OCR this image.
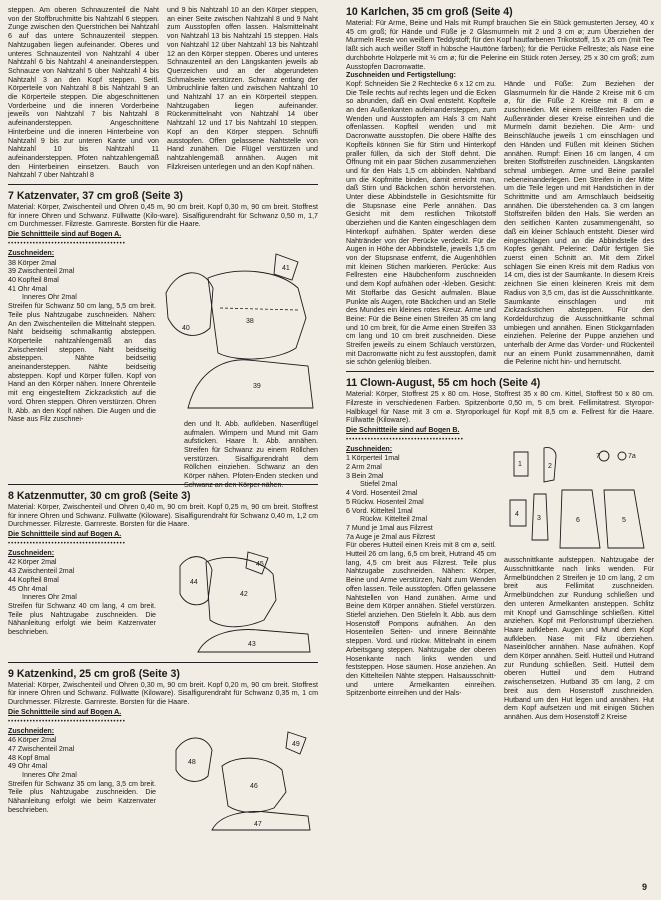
steppen. Am oberen Schnauzenteil die Naht von der Stoffbruchmitte bis Nahtzahl 6 steppen. Zunge zwischen den Querstrichen bei Nahtzahl 6 auf das untere Schnauzenteil steppen. Nahtzugaben liegen aufeinander. Oberes und unteres Schnauzenteil von Nahtzahl 4 über Nahtzahl 6 bis Nahtzahl 4 aneinandersteppen. Schnauze von Nahtzahl 5 über Nahtzahl 4 bis Nahtzahl 3 an den Kopf steppen. Seitl. Körperteile von Nahtzahl 8 bis Nahtzahl 9 an die Körperteile steppen. Die abgeschnittenen Vorderbeine und die inneren Vorderbeine jeweils von Nahtzahl 7 bis Nahtzahl 8 aufeinandersteppen. Angeschnittene Hinterbeine und die inneren Hinterbeine von Nahtzahl 9 bis zur unteren Kante und von Nahtzahl 10 bis Nahtzahl 11 aufeinandersteppen. Pfoten nahtzahlengemäß den Hinterbeinen einsetzen. Bauch von Nahtzahl 7 über Nahtzahl 8

und 9 bis Nahtzahl 10 an den Körper steppen, an einer Seite zwischen Nahtzahl 8 und 9 Naht zum Ausstopfen offen lassen. Halsmittelnaht von Nahtzahl 13 bis Nahtzahl 15 steppen. Hals von Nahtzahl 12 über Nahtzahl 13 bis Nahtzahl 12 an den Körper steppen. Oberes und unteres Schnauzenteil an den Längskanten jeweils ab Querzeichen und an der abgerundeten Schmalseite verstürzen. Schwanz entlang der Umbruchlinie falten und zwischen Nahtzahl 10 und Nahtzahl 17 an ein Körperteil steppen. Nahtzugaben liegen aufeinander. Rückenmittelnaht von Nahtzahl 14 über Nahtzahl 12 und 17 bis Nahtzahl 10 steppen. Kopf an den Körper steppen. Schnüffi ausstopfen. Offen gelassene Nahtstelle von Hand zunähen. Die Flügel verstürzen und nahtzahlengemäß annähen. Augen mit Filzkreisen unterlegen und an den Kopf nähen.

7 Katzenvater, 37 cm groß (Seite 3)

Material: Körper, Zwischenteil und Ohren 0,45 m, 90 cm breit. Kopf 0,30 m, 90 cm breit. Stoffrest für innere Ohren und Schwanz. Füllwatte (Kilo-ware). Sisalfigurendraht für Schwanz 0,50 m, 1,7 cm Durchmesser. Filzreste. Garnreste. Borsten für die Haare.

Die Schnittteile sind auf Bogen A.
••••••••••••••••••••••••••••••••••••••
Zuschneiden:
38 Körper 2mal
39 Zwischenteil 2mal
40 Kopfteil 8mal
41 Ohr 4mal
Inneres Ohr 2mal

Streifen für Schwanz 50 cm lang, 5,5 cm breit. Teile plus Nahtzugabe zuschneiden. Nähen: An den Zwischenteilen die Mittelnaht steppen. Naht beidseitig schmalkantig absteppen. Körperteile nahtzahlengemäß an das Zwischenteil steppen. Naht beidseitig absteppen. Nähte beidseitig aneinandersteppen. Nähte beidseitig absteppen. Kopf und Körper füllen. Kopf von Hand an den Körper nähen. Innere Ohrenteile mit eng eingestelltem Zickzackstich auf die vord. Ohren steppen. Ohren verstürzen. Ohren lt. Abb. an den Kopf nähen. Die Augen und die Nase aus Filz zuschnei-

41
38
40
39

den und lt. Abb. aufkleben. Nasenflügel aufmalen. Wimpern und Mund mit Garn aufsticken. Haare lt. Abb. annähen. Streifen für Schwanz zu einem Röllchen verstürzen. Sisalfigurendraht dem Röllchen einziehen. Schwanz an den Körper nähen. Pfoten-Enden stecken und Schwanz an den Körper nähen.

8 Katzenmutter, 30 cm groß (Seite 3)

Material: Körper, Zwischenteil und Ohren 0,40 m, 90 cm breit. Kopf 0,25 m, 90 cm breit. Stoffrest für innere Ohren und Schwanz. Füllwatte (Kiloware). Sisalfigurendraht für Schwanz 0,40 m, 1,2 cm Durchmesser. Filzreste. Garnreste. Borsten für die Haare.

Die Schnittteile sind auf Bogen A.
••••••••••••••••••••••••••••••••••••••
Zuschneiden:
42 Körper 2mal
43 Zwischenteil 2mal
44 Kopfteil 8mal
45 Ohr 4mal
Inneres Ohr 2mal

Streifen für Schwanz 40 cm lang, 4 cm breit. Teile plus Nahtzugabe zuschneiden. Die Nähanleitung erfolgt wie beim Katzenvater beschrieben.

45
42
44
43
9 Katzenkind, 25 cm groß (Seite 3)

Material: Körper, Zwischenteil und Ohren 0,30 m, 90 cm breit. Kopf 0,20 m, 90 cm breit. Stoffrest für innere Ohren und Schwanz. Füllwatte (Kiloware). Sisalfigurendraht für Schwanz 0,35 m, 1 cm Durchmesser. Filzreste. Garnreste. Borsten für die Haare.

Die Schnittteile sind auf Bogen A.
••••••••••••••••••••••••••••••••••••••
Zuschneiden:
46 Körper 2mal
47 Zwischenteil 2mal
48 Kopf 8mal
49 Ohr 4mal
Inneres Ohr 2mal

Streifen für Schwanz 35 cm lang, 3,5 cm breit. Teile plus Nahtzugabe zuschneiden. Die Nähanleitung erfolgt wie beim Katzenvater beschrieben.

48
49
46
47
10 Karlchen, 35 cm groß (Seite 4)

Material: Für Arme, Beine und Hals mit Rumpf brauchen Sie ein Stück gemusterten Jersey, 40 x 45 cm groß; für Hände und Füße je 2 Glasmurmeln mit 2 und 3 cm ø; zum Überziehen der Murmeln Reste von weißem Teddystoff; für den Kopf hautfarbenen Trikotstoff, 15 x 25 cm (mit Tee läßt sich auch weißer Stoff in hübsche Hauttöne färben); für die Perücke Fellreste; als Nase eine durchbohrte Holzperle mit ½ cm ø; für die Pelerine ein Stück roten Jersey, 25 x 30 cm groß; zum Ausstopfen Dacronwatte.

Zuschneiden und Fertigstellung:

Kopf: Schneiden Sie 2 Rechtecke 6 x 12 cm zu. Die Teile rechts auf rechts legen und die Ecken so abrunden, daß ein Oval entsteht. Kopfteile an den Außenkanten aufeinandersteppen, zum Wenden und Ausstopfen am Hals 3 cm Naht offenlassen. Kopfteil wenden und mit Dacronwatte ausstopfen. Die obere Hälfte des Kopfteils können Sie für Stirn und Hinterkopf praller füllen, da sich der Stoff dehnt. Die Öffnung mit ein paar Stichen zusammenziehen und für den Hals 1,5 cm abbinden. Nahtband um die Kopfmitte binden, damit erreicht man, daß Stirn und Bäckchen schön hervorstehen. Unter diese Abbindstelle in Gesichtsmitte für die Stupsnase eine Perle annähen. Das Gesicht mit dem restlichen Trikotstoff überziehen und die Kanten eingeschlagen dem Hinterkopf aufnähen. Später werden diese Nahtränder von der Perücke verdeckt. Für die Augen in Höhe der Abbindstelle, jeweils 1,5 cm von der Stupsnase entfernt, die Augenhöhlen mit kleinen Stichen markieren. Perücke: Aus Fellresten eine Häubchenform zuschneiden und dem Kopf aufnähen oder -kleben. Gesicht: Mit Stoffarbe das Gesicht aufmalen. Blaue Punkte als Augen, rote Bäckchen und an Stelle des Mundes ein kleines rotes Kreuz. Arme und Beine: Für die Beine einen Streifen 35 cm lang und 10 cm breit, für die Arme einen Streifen 33 cm lang und 10 cm breit zuschneiden. Diese Streifen jeweils zu einem Schlauch verstürzen, mit Dacronwatte nicht zu fest ausstopfen, damit sie schön gelenkig bleiben.

Hände und Füße: Zum Beziehen der Glasmurmeln für die Hände 2 Kreise mit 6 cm ø, für die Füße 2 Kreise mit 8 cm ø zuschneiden. Mit einem reißfesten Faden die Außenränder dieser Kreise einreihen und die Murmeln damit beziehen. Die Arm- und Beinschläuche jeweils 1 cm einschlagen und den Händen und Füßen mit kleinen Stichen annähen. Rumpf: Einen 16 cm langen, 4 cm breiten Stoffstreifen zuschneiden. Längskanten schmal umbiegen. Arme und Beine parallel nebeneinanderlegen. Den Streifen in der Mitte um die Teile legen und mit Handstichen in der Schrittmitte und am Armschlauch beidseitig annähen. Die überstehenden ca. 3 cm langen Stoffstreifen bilden den Hals. Sie werden an den seitlichen Kanten zusammengenäht, so daß ein kleiner Schlauch entsteht. Dieser wird eingeschlagen und an die Abbindstelle des Kopfes genäht. Pelerine: Dafür fertigen Sie zuerst einen Schnitt an. Mit dem Zirkel schlagen Sie einen Kreis mit dem Radius von 14 cm, dies ist der Saumkante. In diesem Kreis zeichnen Sie einen kleineren Kreis mit dem Radius von 3,5 cm, das ist die Ausschnittkante. Saumkante einschlagen und mit Zickzackstichen absteppen. Für den Kordeldurchzug die Ausschnittkante schmal umbiegen und annähen. Einen Stickgarnfaden einziehen. Pelerine der Puppe anziehen und unterhalb der Arme das Vorder- und Rückenteil nur an einem Punkt zusammennähen, damit die Pelerine nicht hin- und herrutscht.

11 Clown-August, 55 cm hoch (Seite 4)

Material: Körper, Stoffrest 25 x 80 cm. Hose, Stoffrest 35 x 80 cm. Kittel, Stoffrest 50 x 80 cm. Filzreste in verschiedenen Farben. Spitzenborte 0,50 m, 5 cm breit. Fellimitatrest. Styropor-Halbkugel für Nase mit 3 cm ø. Styroporkugel für Kopf mit 8,5 cm ø. Fellrest für die Haare. Füllwatte (Kiloware).

Die Schnittteile sind auf Bogen B.
••••••••••••••••••••••••••••••••••••••
Zuschneiden:
1 Körperteil 1mal
2 Arm 2mal
3 Bein 2mal
Stiefel 2mal
4 Vord. Hosenteil 2mal
5 Rückw. Hosenteil 2mal
6 Vord. Kittelteil 1mal
Rückw. Kittelteil 2mal
7 Mund je 1mal aus Filzrest
7a Auge je 2mal aus Filzrest

Für oberes Hutteil einen Kreis mit 8 cm ø, seitl. Hutteil 26 cm lang, 6,5 cm breit, Hutrand 45 cm lang, 4,5 cm breit aus Filzrest. Teile plus Nahtzugabe zuschneiden. Nähen: Körper, Beine und Arme verstürzen, Naht zum Wenden offen lassen. Teile ausstopfen. Offen gelassene Nahtstellen von Hand zunähen. Arme und Beine dem Körper annähen. Stiefel verstürzen. Stiefel anziehen. Den Stiefeln lt. Abb. aus dem Hosenstoff Pompons aufnähen. An den Hosenteilen Seiten- und innere Beinnähte steppen. Vord. und rückw. Mittelnaht in einem Arbeitsgang steppen. Nahtzugabe der oberen Hosenkante nach links wenden und feststeppen. Hose säumen. Hose anziehen. An den Kittelteilen Nähte steppen. Halsausschnitt- und untere Ärmelkanten einreihen. Spitzenborte einreihen und der Hals-

1
7	7a
2
6
3	5
4

ausschnittkante aufsteppen. Nahtzugabe der Ausschnittkante nach links wenden. Für Ärmelbündchen 2 Streifen je 10 cm lang, 2 cm breit aus Fellimitat zuschneiden. Ärmelbündchen zur Rundung schließen und den unteren Ärmelkanten ansteppen. Schlitz mit Knopf und Garnschlinge schließen. Kittel anziehen. Kopf mit Perlonstrumpf überziehen. Haare aufkleben. Augen und Mund dem Kopf aufkleben. Nase mit Filz überziehen. Naseinlöcher annähen. Nase aufnähen. Kopf dem Körper annähen. Seitl. Hutteil und Hutrand zur Rundung schließen. Seitl. Hutteil dem oberen Hutteil und dem Hutrand zwischensetzen. Hutband 35 cm lang, 2 cm breit aus dem Hosenstoff zuschneiden. Hutband um den Hut legen und annähen. Hut dem Kopf aufsetzen und mit einigen Stichen annähen. Aus dem Hosenstoff 2 Kreise

9
